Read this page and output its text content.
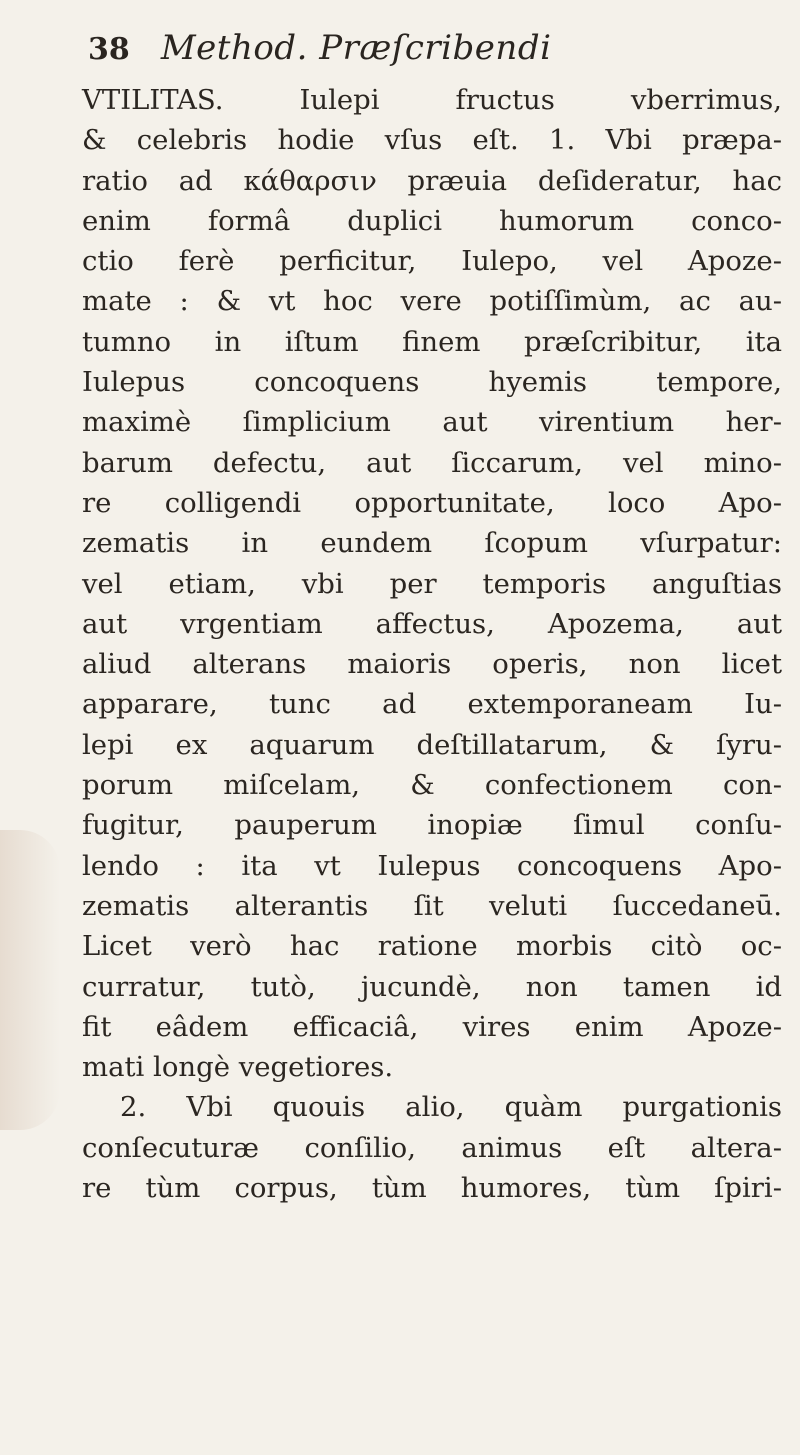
38 Method. Præſcribendi
VTILITAS. Iulepi fructus vberrimus,
& celebris hodie vſus eſt. 1. Vbi præpa-
ratio ad κάθαρσιν præuia deſideratur, hac
enim formâ duplici humorum conco-
ctio ferè perficitur, Iulepo, vel Apoze-
mate : & vt hoc vere potiſſimùm, ac au-
tumno in iſtum finem præſcribitur, ita
Iulepus concoquens hyemis tempore,
maximè ſimplicium aut virentium her-
barum defectu, aut ſiccarum, vel mino-
re colligendi opportunitate, loco Apo-
zematis in eundem ſcopum vſurpatur:
vel etiam, vbi per temporis anguſtias
aut vrgentiam affectus, Apozema, aut
aliud alterans maioris operis, non licet
apparare, tunc ad extemporaneam Iu-
lepi ex aquarum deſtillatarum, & ſyru-
porum miſcelam, & confectionem con-
fugitur, pauperum inopiæ ſimul conſu-
lendo : ita vt Iulepus concoquens Apo-
zematis alterantis ſit veluti ſuccedaneū.
Licet verò hac ratione morbis citò oc-
curratur, tutò, jucundè, non tamen id
fit eâdem efficaciâ, vires enim Apoze-
mati longè vegetiores.
2. Vbi quouis alio, quàm purgationis
conſecuturæ conſilio, animus eſt altera-
re tùm corpus, tùm humores, tùm ſpiri-
